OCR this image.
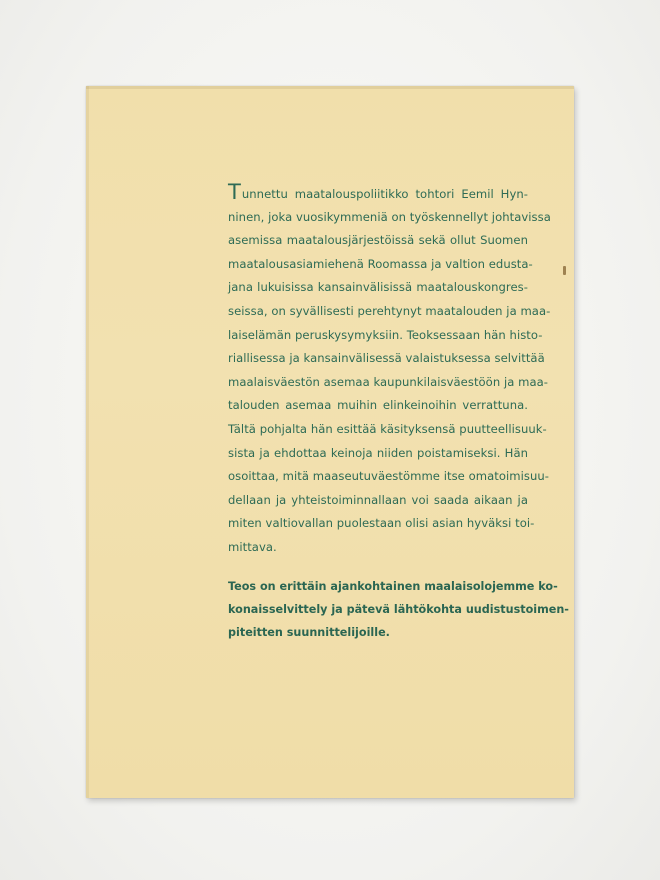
Tunnettu maatalouspoliitikko tohtori Eemil Hyn-
ninen, joka vuosikymmeniä on työskennellyt johtavissa
asemissa maatalousjärjestöissä sekä ollut Suomen
maatalousasiamiehenä Roomassa ja valtion edusta-
jana lukuisissa kansainvälisissä maatalouskongres-
seissa, on syvällisesti perehtynyt maatalouden ja maa-
laiselämän peruskysymyksiin. Teoksessaan hän histo-
riallisessa ja kansainvälisessä valaistuksessa selvittää
maalaisväestön asemaa kaupunkilaisväestöön ja maa-
talouden asemaa muihin elinkeinoihin verrattuna.
Tältä pohjalta hän esittää käsityksensä puutteellisuuk-
sista ja ehdottaa keinoja niiden poistamiseksi. Hän
osoittaa, mitä maaseutuväestömme itse omatoimisuu-
dellaan ja yhteistoiminnallaan voi saada aikaan ja
miten valtiovallan puolestaan olisi asian hyväksi toi-
mittava.
Teos on erittäin ajankohtainen maalaisolojemme ko-
konaisselvittely ja pätevä lähtökohta uudistustoimen-
piteitten suunnittelijoille.
